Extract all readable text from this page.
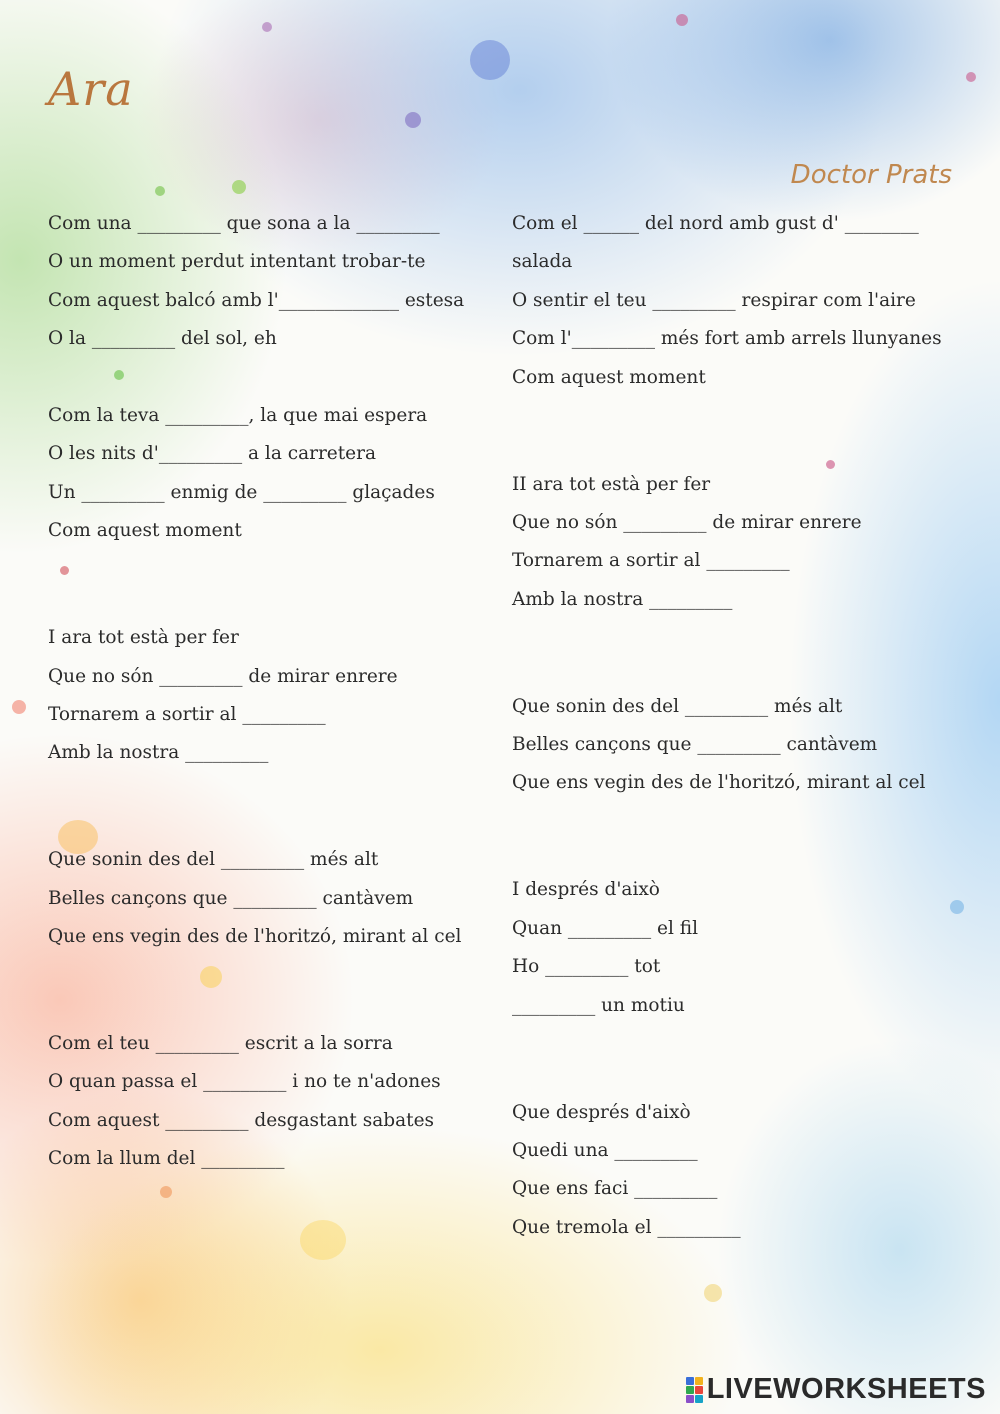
Ara
Doctor Prats
Com una _________ que sona a la _________
O un moment perdut intentant trobar-te
Com aquest balcó amb l'_____________ estesa
O la _________ del sol, eh
Com la teva _________, la que mai espera
O les nits d'_________ a la carretera
Un _________ enmig de _________ glaçades
Com aquest moment
I ara tot està per fer
Que no són _________ de mirar enrere
Tornarem a sortir al _________
Amb la nostra _________
Que sonin des del _________ més alt
Belles cançons que _________ cantàvem
Que ens vegin des de l'horitzó, mirant al cel
Com el teu _________ escrit a la sorra
O quan passa el _________ i no te n'adones
Com aquest _________ desgastant sabates
Com la llum del _________
Com el ______ del nord amb gust d' ________
salada
O sentir el teu _________ respirar com l'aire
Com l'_________ més fort amb arrels llunyanes
Com aquest moment
II ara tot està per fer
Que no són _________ de mirar enrere
Tornarem a sortir al _________
Amb la nostra _________
Que sonin des del _________ més alt
Belles cançons que _________ cantàvem
Que ens vegin des de l'horitzó, mirant al cel
I després d'això
Quan _________ el fil
Ho _________ tot
_________ un motiu
Que després d'això
Quedi una _________
Que ens faci _________
Que tremola el _________
LIVEWORKSHEETS
